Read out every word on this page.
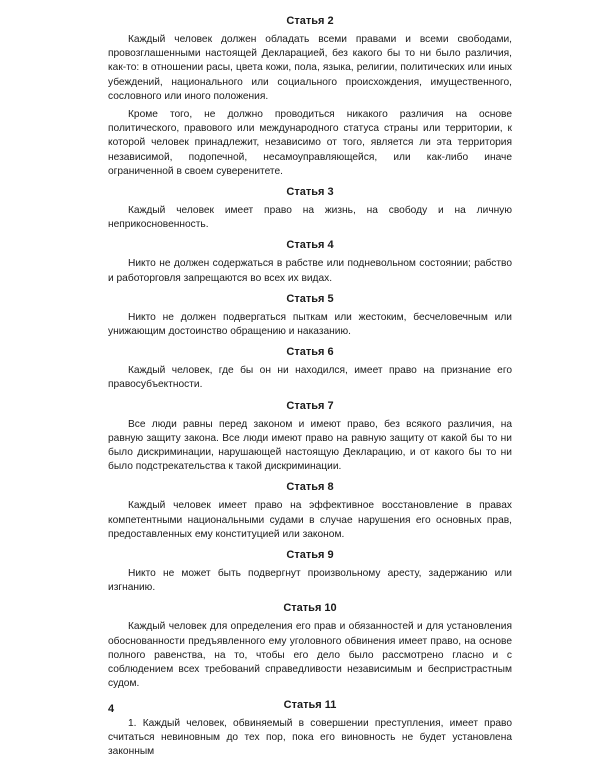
Статья 2

Каждый человек должен обладать всеми правами и всеми свободами, провозглашенными настоящей Декларацией, без какого бы то ни было различия, как-то: в отношении расы, цвета кожи, пола, языка, религии, политических или иных убеждений, национального или социального происхождения, имущественного, сословного или иного положения.

Кроме того, не должно проводиться никакого различия на основе политического, правового или международного статуса страны или территории, к которой человек принадлежит, независимо от того, является ли эта территория независимой, подопечной, несамоуправляющейся, или как-либо иначе ограниченной в своем суверенитете.

Статья 3

Каждый человек имеет право на жизнь, на свободу и на личную неприкосновенность.

Статья 4

Никто не должен содержаться в рабстве или подневольном состоянии; рабство и работорговля запрещаются во всех их видах.

Статья 5

Никто не должен подвергаться пыткам или жестоким, бесчеловечным или унижающим достоинство обращению и наказанию.

Статья 6

Каждый человек, где бы он ни находился, имеет право на признание его правосубъектности.

Статья 7

Все люди равны перед законом и имеют право, без всякого различия, на равную защиту закона. Все люди имеют право на равную защиту от какой бы то ни было дискриминации, нарушающей настоящую Декларацию, и от какого бы то ни было подстрекательства к такой дискриминации.

Статья 8

Каждый человек имеет право на эффективное восстановление в правах компетентными национальными судами в случае нарушения его основных прав, предоставленных ему конституцией или законом.

Статья 9

Никто не может быть подвергнут произвольному аресту, задержанию или изгнанию.

Статья 10

Каждый человек для определения его прав и обязанностей и для установления обоснованности предъявленного ему уголовного обвинения имеет право, на основе полного равенства, на то, чтобы его дело было рассмотрено гласно и с соблюдением всех требований справедливости независимым и беспристрастным судом.

Статья 11

1. Каждый человек, обвиняемый в совершении преступления, имеет право считаться невиновным до тех пор, пока его виновность не будет установлена законным

4
